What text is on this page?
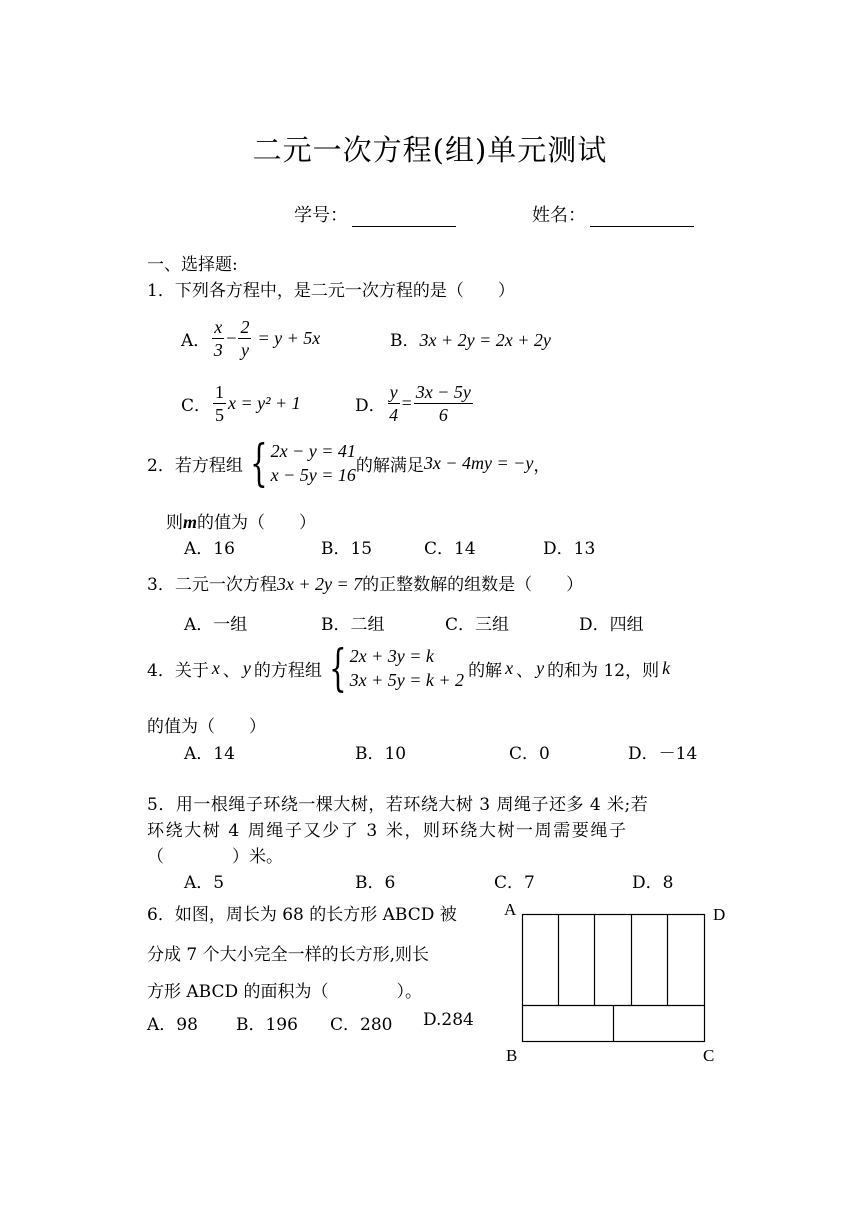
二元一次方程(组)单元测试
学号：	姓名：
一、选择题:
1．下列各方程中，是二元一次方程的是（　　）
A． $\frac{x}{3} - \frac{2}{y} = y + 5x$	B．3x + 2y = 2x + 2y
C． $\frac{1}{5}$ x = y² + 1	D． $\frac{y}{4} = \frac{3x - 5y}{6}$
2．若方程组 { 2x − y = 41
x − 5y = 16 的解满足 3x − 4my = −y ，
则m的值为（　　）
A．16	B．15	C．14	D．13
3．二元一次方程3x + 2y = 7的正整数解的组数是（　　）
A．一组	B．二组	C．三组	D．四组
4．关于 x 、 y 的方程组 { 2x + 3y = k
3x + 5y = k + 2 的解 x 、 y 的和为 12，则 k
的值为（　　）
A．14	B．10	C．0	D．－14
5．用一根绳子环绕一棵大树，若环绕大树 3 周绳子还多 4 米;若
环绕大树 4 周绳子又少了 3 米，则环绕大树一周需要绳子
（　　　　）米。
A．5	B．6	C．7	D．8
6．如图，周长为 68 的长方形 ABCD 被
分成 7 个大小完全一样的长方形,则长
方形 ABCD 的面积为（　　　　）。
A．98 B．196 C．280 D.284
A	D
B	C
